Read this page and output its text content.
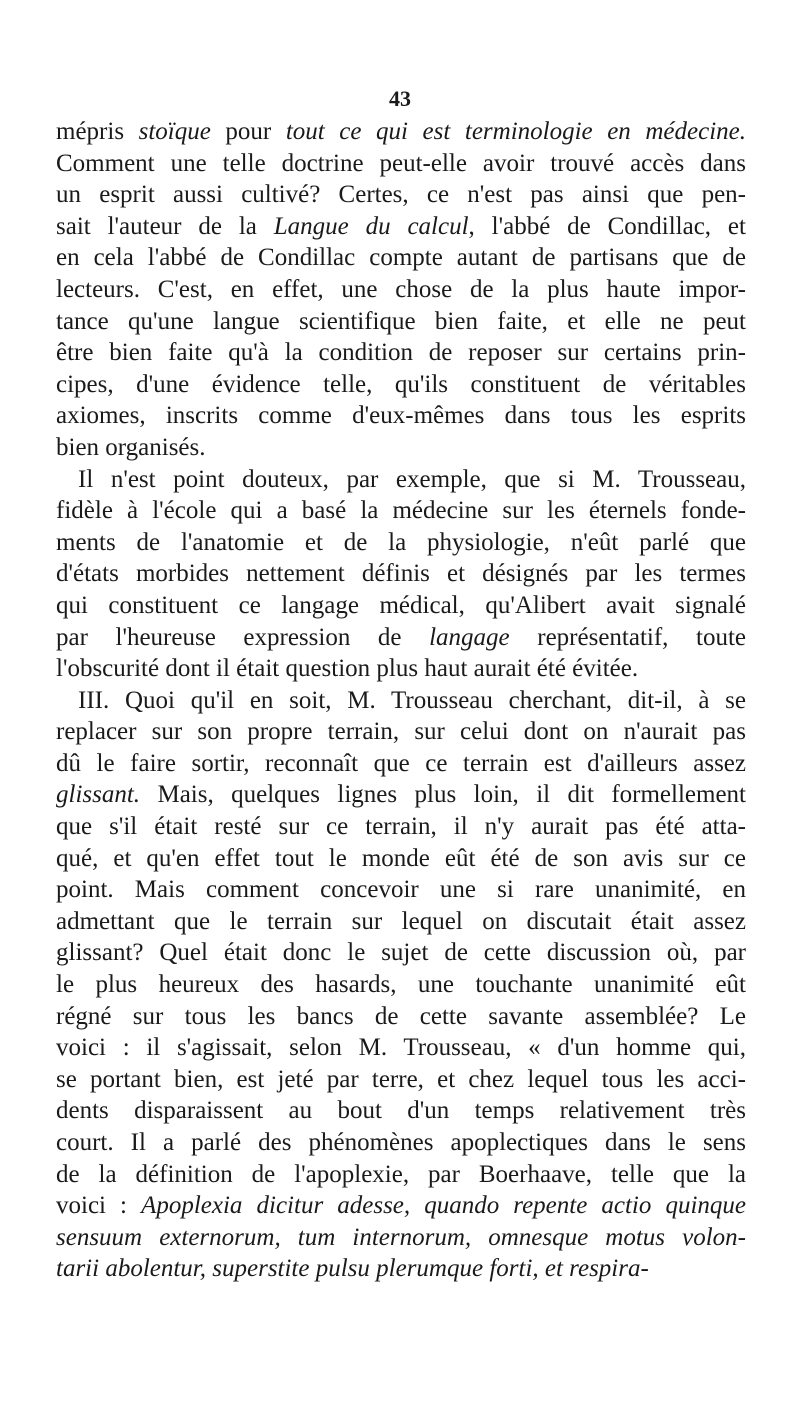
43
mépris stoïque pour tout ce qui est terminologie en médecine.
Comment une telle doctrine peut-elle avoir trouvé accès dans
un esprit aussi cultivé? Certes, ce n'est pas ainsi que pen-
sait l'auteur de la Langue du calcul, l'abbé de Condillac, et
en cela l'abbé de Condillac compte autant de partisans que de
lecteurs. C'est, en effet, une chose de la plus haute impor-
tance qu'une langue scientifique bien faite, et elle ne peut
être bien faite qu'à la condition de reposer sur certains prin-
cipes, d'une évidence telle, qu'ils constituent de véritables
axiomes, inscrits comme d'eux-mêmes dans tous les esprits
bien organisés.
Il n'est point douteux, par exemple, que si M. Trousseau,
fidèle à l'école qui a basé la médecine sur les éternels fonde-
ments de l'anatomie et de la physiologie, n'eût parlé que
d'états morbides nettement définis et désignés par les termes
qui constituent ce langage médical, qu'Alibert avait signalé
par l'heureuse expression de langage représentatif, toute
l'obscurité dont il était question plus haut aurait été évitée.
III. Quoi qu'il en soit, M. Trousseau cherchant, dit-il, à se
replacer sur son propre terrain, sur celui dont on n'aurait pas
dû le faire sortir, reconnaît que ce terrain est d'ailleurs assez
glissant. Mais, quelques lignes plus loin, il dit formellement
que s'il était resté sur ce terrain, il n'y aurait pas été atta-
qué, et qu'en effet tout le monde eût été de son avis sur ce
point. Mais comment concevoir une si rare unanimité, en
admettant que le terrain sur lequel on discutait était assez
glissant? Quel était donc le sujet de cette discussion où, par
le plus heureux des hasards, une touchante unanimité eût
régné sur tous les bancs de cette savante assemblée? Le
voici : il s'agissait, selon M. Trousseau, « d'un homme qui,
se portant bien, est jeté par terre, et chez lequel tous les acci-
dents disparaissent au bout d'un temps relativement très
court. Il a parlé des phénomènes apoplectiques dans le sens
de la définition de l'apoplexie, par Boerhaave, telle que la
voici : Apoplexia dicitur adesse, quando repente actio quinque
sensuum externorum, tum internorum, omnesque motus volon-
tarii abolentur, superstite pulsu plerumque forti, et respira-
